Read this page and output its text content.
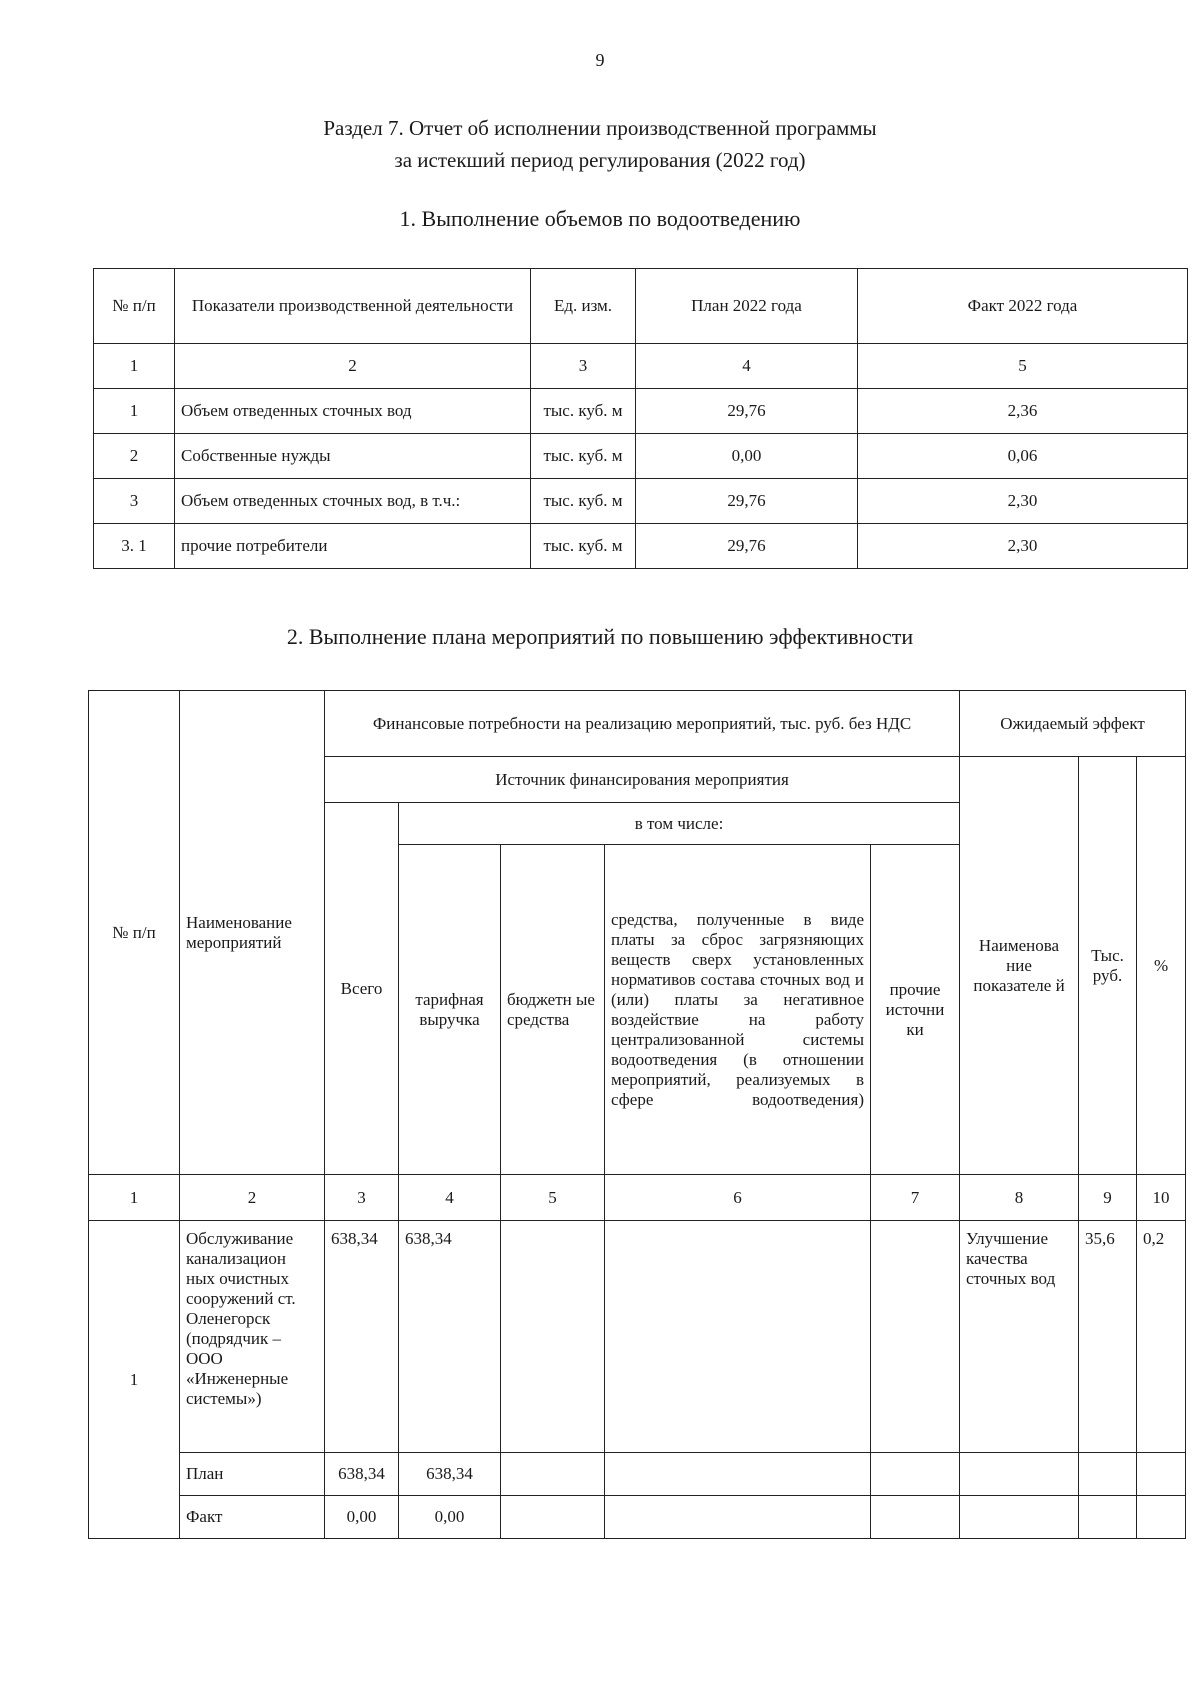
9
Раздел 7. Отчет об исполнении производственной программы
за истекший период регулирования (2022 год)
1. Выполнение объемов по водоотведению
№ п/п	Показатели производственной деятельности	Ед. изм.	План 2022 года	Факт 2022 года
1	2	3	4	5
1	Объем отведенных сточных вод	тыс. куб. м	29,76	2,36
2	Собственные нужды	тыс. куб. м	0,00	0,06
3	Объем отведенных сточных вод, в т.ч.:	тыс. куб. м	29,76	2,30
3. 1	прочие потребители	тыс. куб. м	29,76	2,30
2. Выполнение плана мероприятий по повышению эффективности
№ п/п	Наименование мероприятий	Финансовые потребности на реализацию мероприятий, тыс. руб. без НДС					Ожидаемый эффект		
		Источник финансирования мероприятия					Наименова ние показателе й	Тыс. руб.	%
		Всего	в том числе:						
			тарифная выручка	бюджетн ые средства	средства, полученные в виде платы за сброс загрязняющих веществ сверх установленных нормативов состава сточных вод и (или) платы за негативное воздействие на работу централизованной системы водоотведения (в отношении мероприятий, реализуемых в сфере водоотведения)	прочие источни ки			
1	2	3	4	5	6	7	8	9	10
1	Обслуживание канализацион ных очистных сооружений ст. Оленегорск (подрядчик – ООО «Инженерные системы»)	638,34	638,34				Улучшение качества сточных вод	35,6	0,2
	План	638,34	638,34						
	Факт	0,00	0,00						
